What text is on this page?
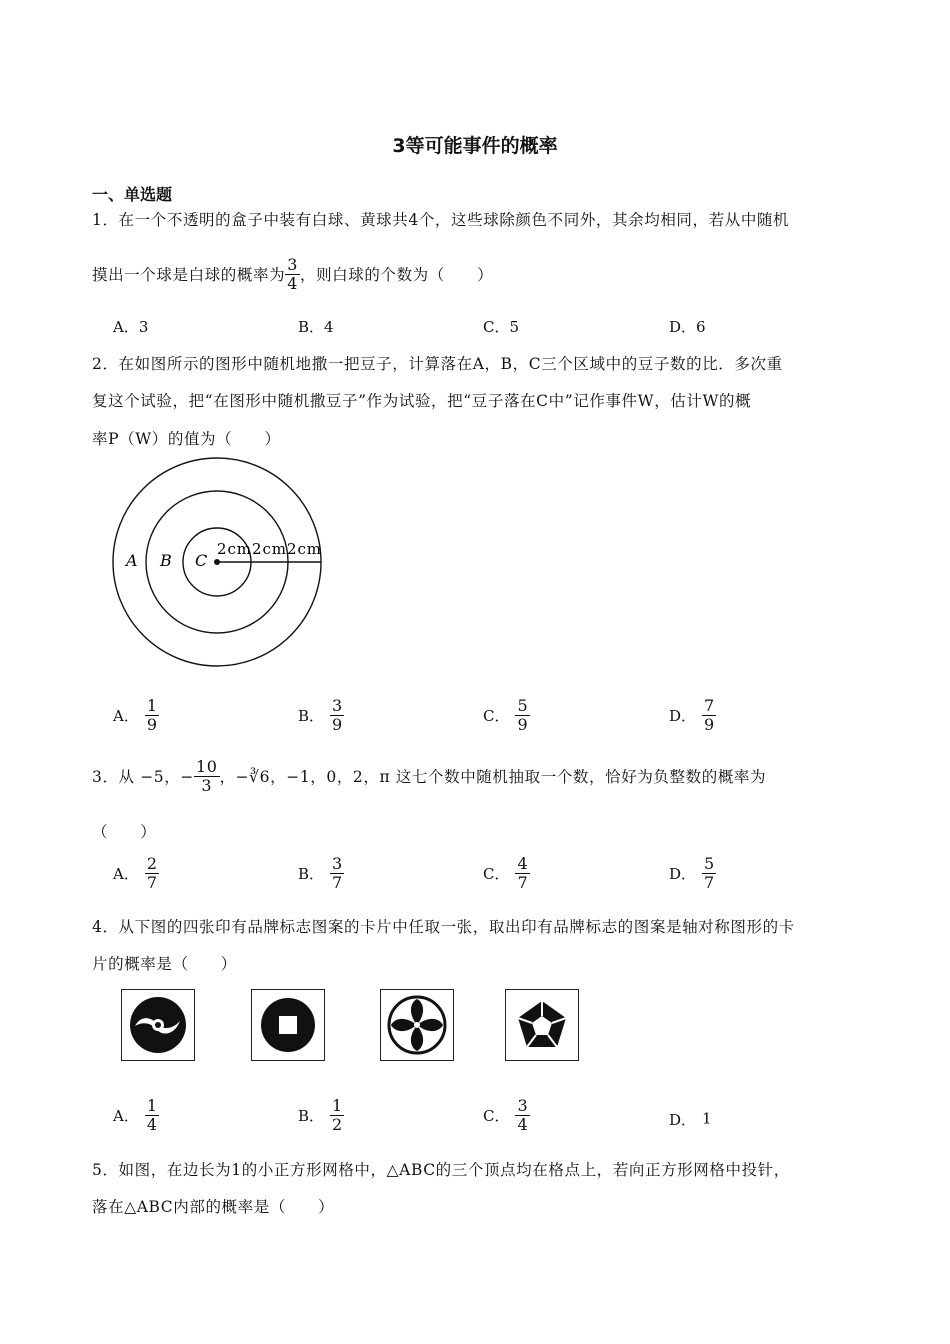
3等可能事件的概率
一、单选题
1．在一个不透明的盒子中装有白球、黄球共4个，这些球除颜色不同外，其余均相同，若从中随机
摸出一个球是白球的概率为 $\frac{3}{4}$ ，则白球的个数为（　　）
A．3	B．4	C．5	D．6
2．在如图所示的图形中随机地撒一把豆子，计算落在A，B，C三个区域中的豆子数的比．多次重
复这个试验，把“在图形中随机撒豆子”作为试验，把“豆子落在C中”记作事件W，估计W的概
率P（W）的值为（　　）
A B C
2cm 2cm 2cm
A． $\frac{1}{9}$	B． $\frac{3}{9}$	C． $\frac{5}{9}$	D． $\frac{7}{9}$
3．从 −5，− $\frac{10}{3}$ ，−∛6，−1，0，2，π 这七个数中随机抽取一个数，恰好为负整数的概率为
（　　）
A． $\frac{2}{7}$	B． $\frac{3}{7}$	C． $\frac{4}{7}$	D． $\frac{5}{7}$
4．从下图的四张印有品牌标志图案的卡片中任取一张，取出印有品牌标志的图案是轴对称图形的卡
片的概率是（　　）
A． $\frac{1}{4}$	B． $\frac{1}{2}$	C． $\frac{3}{4}$	D． 1
5．如图，在边长为1的小正方形网格中，△ABC的三个顶点均在格点上，若向正方形网格中投针，
落在△ABC内部的概率是（　　）
